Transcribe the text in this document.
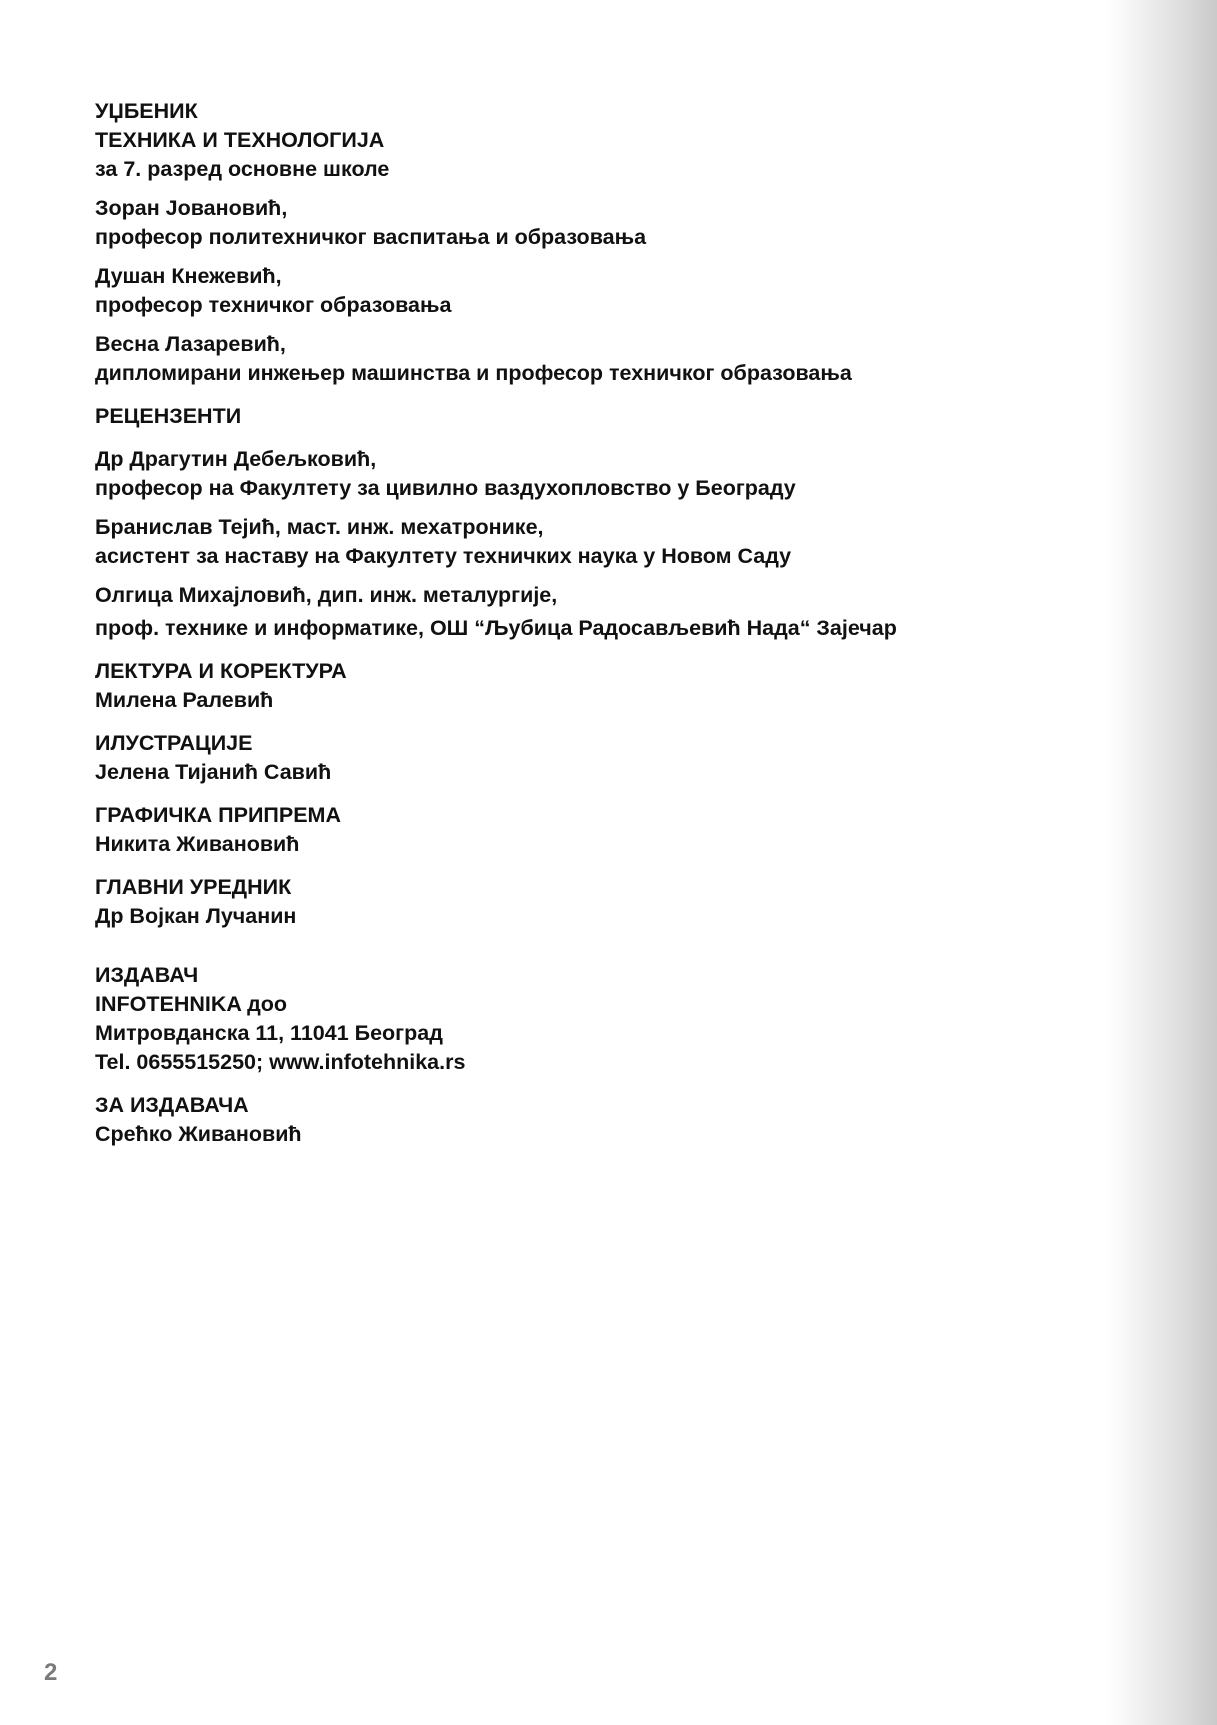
УЏБЕНИК
ТЕХНИКА И ТЕХНОЛОГИЈА
за 7. разред основне школе
Зоран Јовановић,
професор политехничког васпитања и образовања
Душан Кнежевић,
професор техничког образовања
Весна Лазаревић,
дипломирани инжењер машинства и професор техничког образовања
РЕЦЕНЗЕНТИ
Др Драгутин Дебељковић,
професор на Факултету за цивилно ваздухопловство у Београду
Бранислав Тејић, маст. инж. мехатронике,
асистент за наставу на Факултету техничких наука у Новом Саду
Олгица Михајловић, дип. инж. металургије,
проф. технике и информатике, ОШ “Љубица Радосављевић Нада“ Зајечар
ЛЕКТУРА И КОРЕКТУРА
Милена Ралевић
ИЛУСТРАЦИЈЕ
Јелена Тијанић Савић
ГРАФИЧКА ПРИПРЕМА
Никита Живановић
ГЛАВНИ УРЕДНИК
Др Војкан Лучанин
ИЗДАВАЧ
INFOTEHNIKA доо
Митровданска 11, 11041 Београд
Tel. 0655515250; www.infotehnika.rs
ЗА ИЗДАВАЧА
Срећко Живановић
2
